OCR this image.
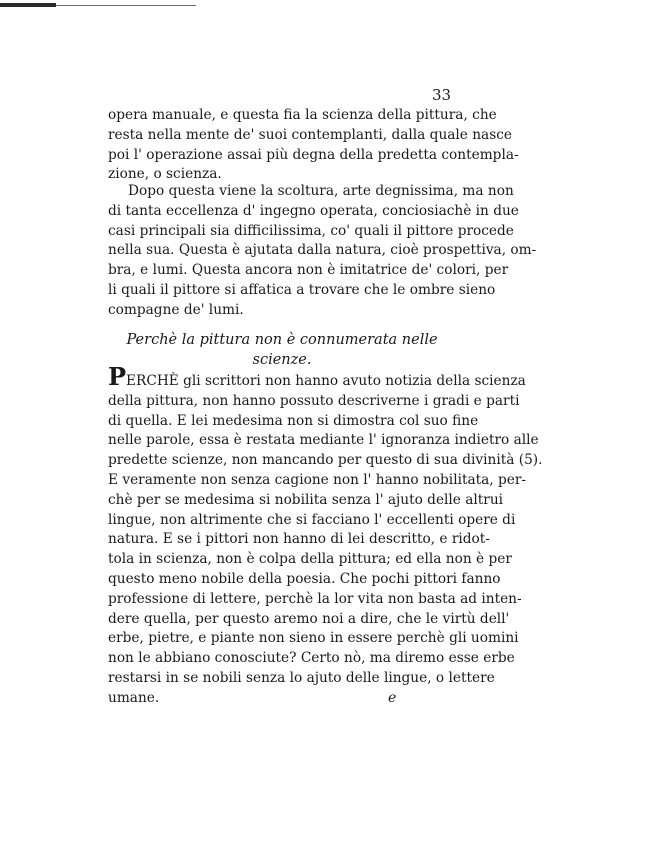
33
opera manuale, e questa fia la scienza della pittura, che
resta nella mente de' suoi contemplanti, dalla quale nasce
poi l' operazione assai più degna della predetta contempla-
zione, o scienza.
Dopo questa viene la scoltura, arte degnissima, ma non
di tanta eccellenza d' ingegno operata, conciosiachè in due
casi principali sia difficilissima, co' quali il pittore procede
nella sua. Questa è ajutata dalla natura, cioè prospettiva, om-
bra, e lumi. Questa ancora non è imitatrice de' colori, per
li quali il pittore si affatica a trovare che le ombre sieno
compagne de' lumi.
Perchè la pittura non è connumerata nelle scienze.
PERCHÈ gli scrittori non hanno avuto notizia della scienza
della pittura, non hanno possuto descriverne i gradi e parti
di quella. E lei medesima non si dimostra col suo fine
nelle parole, essa è restata mediante l' ignoranza indietro alle
predette scienze, non mancando per questo di sua divinità (5).
E veramente non senza cagione non l' hanno nobilitata, per-
chè per se medesima si nobilita senza l' ajuto delle altrui
lingue, non altrimente che si facciano l' eccellenti opere di
natura. E se i pittori non hanno di lei descritto, e ridot-
tola in scienza, non è colpa della pittura; ed ella non è per
questo meno nobile della poesia. Che pochi pittori fanno
professione di lettere, perchè la lor vita non basta ad inten-
dere quella, per questo aremo noi a dire, che le virtù dell'
erbe, pietre, e piante non sieno in essere perchè gli uomini
non le abbiano conosciute? Certo nò, ma diremo esse erbe
restarsi in se nobili senza lo ajuto delle lingue, o lettere
umane.	e
